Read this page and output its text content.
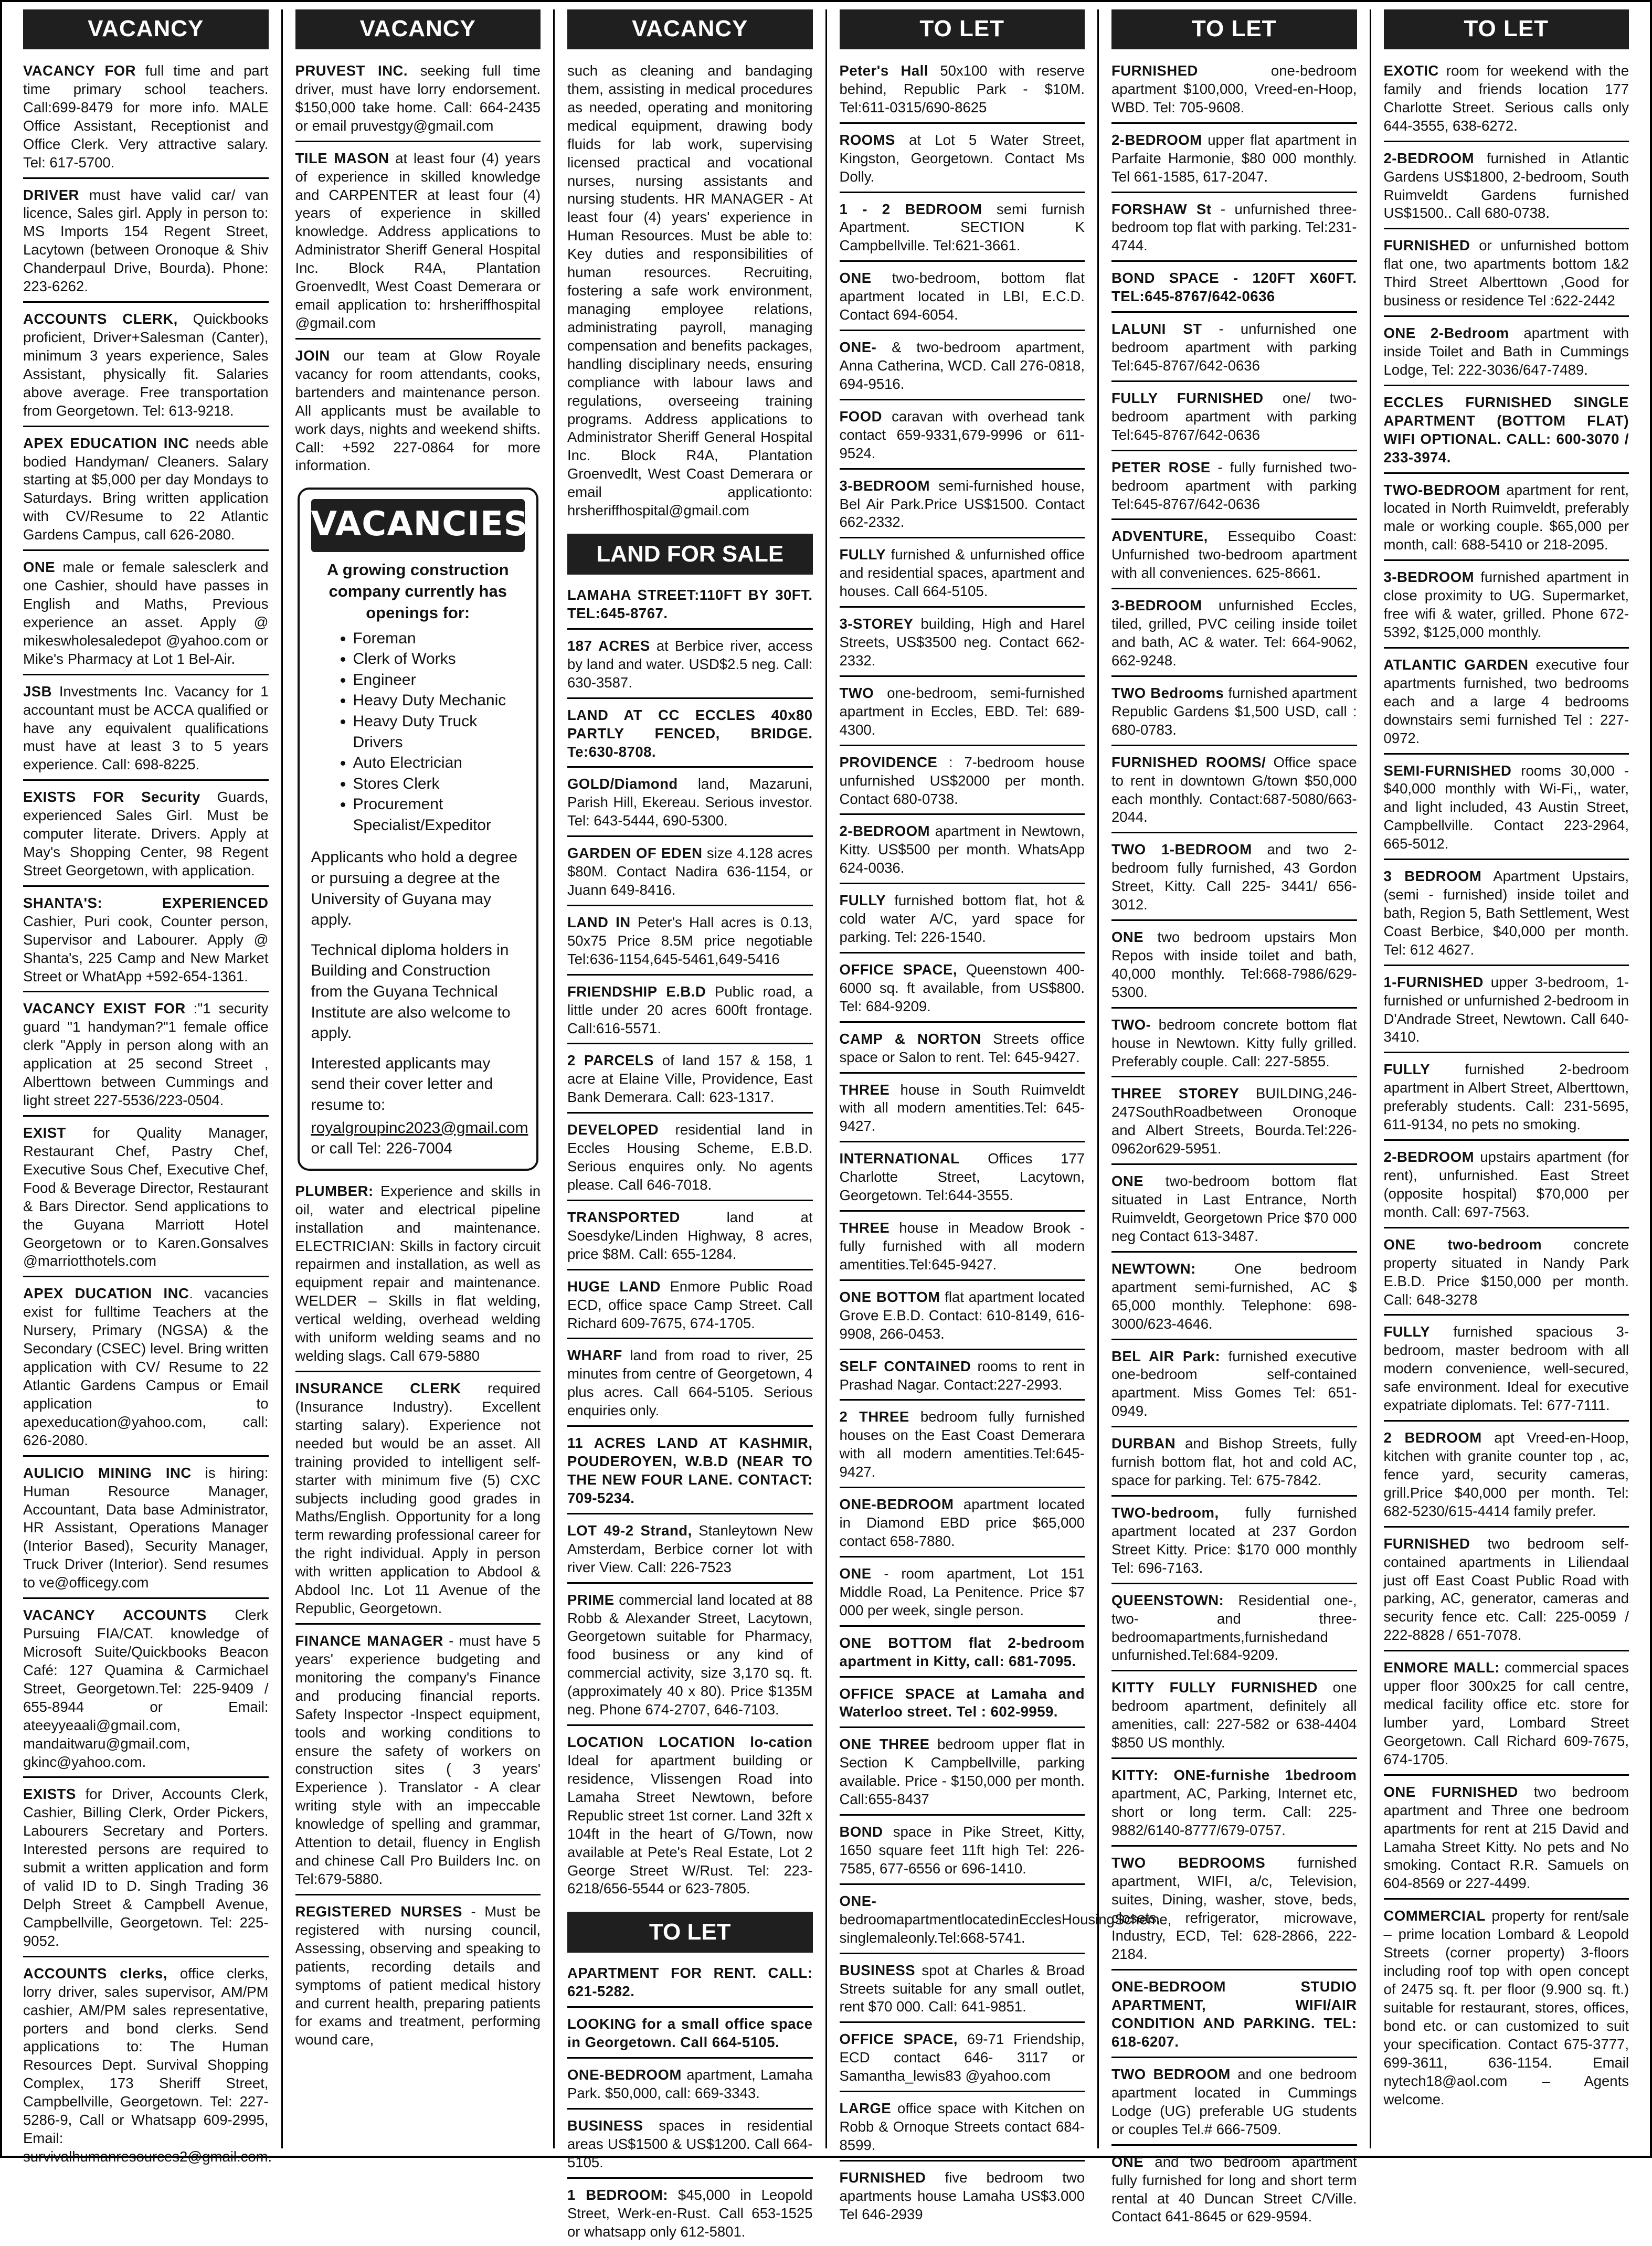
VACANCY
VACANCY FOR full time and part time primary school teachers. Call:699-8479 for more info. MALE Office Assistant, Receptionist and Office Clerk. Very attractive salary. Tel: 617-5700.
DRIVER must have valid car/ van licence, Sales girl. Apply in person to: MS Imports 154 Regent Street, Lacytown (between Oronoque & Shiv Chanderpaul Drive, Bourda). Phone: 223-6262.
ACCOUNTS CLERK, Quickbooks proficient, Driver+Salesman (Canter), minimum 3 years experience, Sales Assistant, physically fit. Salaries above average. Free transportation from Georgetown. Tel: 613-9218.
APEX EDUCATION INC needs able bodied Handyman/ Cleaners. Salary starting at $5,000 per day Mondays to Saturdays. Bring written application with CV/Resume to 22 Atlantic Gardens Campus, call 626-2080.
ONE male or female salesclerk and one Cashier, should have passes in English and Maths, Previous experience an asset. Apply @ mikeswholesaledepot @yahoo.com or Mike's Pharmacy at Lot 1 Bel-Air.
JSB Investments Inc. Vacancy for 1 accountant must be ACCA qualified or have any equivalent qualifications must have at least 3 to 5 years experience. Call: 698-8225.
EXISTS FOR Security Guards, experienced Sales Girl. Must be computer literate. Drivers. Apply at May's Shopping Center, 98 Regent Street Georgetown, with application.
SHANTA'S: EXPERIENCED Cashier, Puri cook, Counter person, Supervisor and Labourer. Apply @ Shanta's, 225 Camp and New Market Street or WhatApp +592-654-1361.
VACANCY EXIST FOR :"1 security guard "1 handyman?"1 female office clerk "Apply in person along with an application at 25 second Street , Alberttown between Cummings and light street 227-5536/223-0504.
EXIST for Quality Manager, Restaurant Chef, Pastry Chef, Executive Sous Chef, Executive Chef, Food & Beverage Director, Restaurant & Bars Director. Send applications to the Guyana Marriott Hotel Georgetown or to Karen.Gonsalves @marriotthotels.com
APEX DUCATION INC. vacancies exist for fulltime Teachers at the Nursery, Primary (NGSA) & the Secondary (CSEC) level. Bring written application with CV/ Resume to 22 Atlantic Gardens Campus or Email application to apexeducation@yahoo.com, call: 626-2080.
AULICIO MINING INC is hiring: Human Resource Manager, Accountant, Data base Administrator, HR Assistant, Operations Manager (Interior Based), Security Manager, Truck Driver (Interior). Send resumes to ve@officegy.com
VACANCY ACCOUNTS Clerk Pursuing FIA/CAT. knowledge of Microsoft Suite/Quickbooks Beacon Café: 127 Quamina & Carmichael Street, Georgetown.Tel: 225-9409 / 655-8944 or Email: ateeyyeaali@gmail.com, mandaitwaru@gmail.com, gkinc@yahoo.com.
EXISTS for Driver, Accounts Clerk, Cashier, Billing Clerk, Order Pickers, Labourers Secretary and Porters. Interested persons are required to submit a written application and form of valid ID to D. Singh Trading 36 Delph Street & Campbell Avenue, Campbellville, Georgetown. Tel: 225-9052.
ACCOUNTS clerks, office clerks, lorry driver, sales supervisor, AM/PM cashier, AM/PM sales representative, porters and bond clerks. Send applications to: The Human Resources Dept. Survival Shopping Complex, 173 Sheriff Street, Campbellville, Georgetown. Tel: 227-5286-9, Call or Whatsapp 609-2995, Email: survivalhumanresources2@gmail.com.
VACANCY
PRUVEST INC. seeking full time driver, must have lorry endorsement. $150,000 take home. Call: 664-2435 or email pruvestgy@gmail.com
TILE MASON at least four (4) years of experience in skilled knowledge and CARPENTER at least four (4) years of experience in skilled knowledge. Address applications to Administrator Sheriff General Hospital Inc. Block R4A, Plantation Groenvedlt, West Coast Demerara or email application to: hrsheriffhospital @gmail.com
JOIN our team at Glow Royale vacancy for room attendants, cooks, bartenders and maintenance person. All applicants must be available to work days, nights and weekend shifts. Call: +592 227-0864 for more information.
VACANCIES
A growing construction company currently has openings for:
• Foreman
• Clerk of Works
• Engineer
• Heavy Duty Mechanic
• Heavy Duty Truck Drivers
• Auto Electrician
• Stores Clerk
• Procurement Specialist/Expeditor

Applicants who hold a degree or pursuing a degree at the University of Guyana may apply.

Technical diploma holders in Building and Construction from the Guyana Technical Institute are also welcome to apply.

Interested applicants may send their cover letter and resume to:

royalgroupinc2023@gmail.com
or call Tel: 226-7004
PLUMBER: Experience and skills in oil, water and electrical pipeline installation and maintenance. ELECTRICIAN: Skills in factory circuit repairmen and installation, as well as equipment repair and maintenance. WELDER – Skills in flat welding, vertical welding, overhead welding with uniform welding seams and no welding slags. Call 679-5880
INSURANCE CLERK required (Insurance Industry). Excellent starting salary). Experience not needed but would be an asset. All training provided to intelligent self-starter with minimum five (5) CXC subjects including good grades in Maths/English. Opportunity for a long term rewarding professional career for the right individual. Apply in person with written application to Abdool & Abdool Inc. Lot 11 Avenue of the Republic, Georgetown.
FINANCE MANAGER - must have 5 years' experience budgeting and monitoring the company's Finance and producing financial reports. Safety Inspector -Inspect equipment, tools and working conditions to ensure the safety of workers on construction sites ( 3 years' Experience ). Translator - A clear writing style with an impeccable knowledge of spelling and grammar, Attention to detail, fluency in English and chinese Call Pro Builders Inc. on Tel:679-5880.
REGISTERED NURSES - Must be registered with nursing council, Assessing, observing and speaking to patients, recording details and symptoms of patient medical history and current health, preparing patients for exams and treatment, performing wound care,
VACANCY
such as cleaning and bandaging them, assisting in medical procedures as needed, operating and monitoring medical equipment, drawing body fluids for lab work, supervising licensed practical and vocational nurses, nursing assistants and nursing students. HR MANAGER - At least four (4) years' experience in Human Resources. Must be able to: Key duties and responsibilities of human resources. Recruiting, fostering a safe work environment, managing employee relations, administrating payroll, managing compensation and benefits packages, handling disciplinary needs, ensuring compliance with labour laws and regulations, overseeing training programs. Address applications to Administrator Sheriff General Hospital Inc. Block R4A, Plantation Groenvedlt, West Coast Demerara or email applicationto: hrsheriffhospital@gmail.com
LAND FOR SALE
LAMAHA STREET:110FT BY 30FT. TEL:645-8767.
187 ACRES at Berbice river, access by land and water. USD$2.5 neg. Call: 630-3587.
LAND AT CC ECCLES 40x80 PARTLY FENCED, BRIDGE. Te:630-8708.
GOLD/Diamond land, Mazaruni, Parish Hill, Ekereau. Serious investor. Tel: 643-5444, 690-5300.
GARDEN OF EDEN size 4.128 acres $80M. Contact Nadira 636-1154, or Juann 649-8416.
LAND IN Peter's Hall acres is 0.13, 50x75 Price 8.5M price negotiable Tel:636-1154,645-5461,649-5416
FRIENDSHIP E.B.D Public road, a little under 20 acres 600ft frontage. Call:616-5571.
2 PARCELS of land 157 & 158, 1 acre at Elaine Ville, Providence, East Bank Demerara. Call: 623-1317.
DEVELOPED residential land in Eccles Housing Scheme, E.B.D. Serious enquires only. No agents please. Call 646-7018.
TRANSPORTED land at Soesdyke/Linden Highway, 8 acres, price $8M. Call: 655-1284.
HUGE LAND Enmore Public Road ECD, office space Camp Street. Call Richard 609-7675, 674-1705.
WHARF land from road to river, 25 minutes from centre of Georgetown, 4 plus acres. Call 664-5105. Serious enquiries only.
11 ACRES LAND AT KASHMIR, POUDEROYEN, W.B.D (NEAR TO THE NEW FOUR LANE. CONTACT: 709-5234.
LOT 49-2 Strand, Stanleytown New Amsterdam, Berbice corner lot with river View. Call: 226-7523
PRIME commercial land located at 88 Robb & Alexander Street, Lacytown, Georgetown suitable for Pharmacy, food business or any kind of commercial activity, size 3,170 sq. ft. (approximately 40 x 80). Price $135M neg. Phone 674-2707, 646-7103.
LOCATION LOCATION lo-cation Ideal for apartment building or residence, Vlissengen Road into Lamaha Street Newtown, before Republic street 1st corner. Land 32ft x 104ft in the heart of G/Town, now available at Pete's Real Estate, Lot 2 George Street W/Rust. Tel: 223-6218/656-5544 or 623-7805.
TO LET
APARTMENT FOR RENT. CALL: 621-5282.
LOOKING for a small office space in Georgetown. Call 664-5105.
ONE-BEDROOM apartment, Lamaha Park. $50,000, call: 669-3343.
BUSINESS spaces in residential areas US$1500 & US$1200. Call 664-5105.
1 BEDROOM: $45,000 in Leopold Street, Werk-en-Rust. Call 653-1525 or whatsapp only 612-5801.
TO LET
Peter's Hall 50x100 with reserve behind, Republic Park - $10M. Tel:611-0315/690-8625
ROOMS at Lot 5 Water Street, Kingston, Georgetown. Contact Ms Dolly.
1 - 2 BEDROOM semi furnish Apartment. SECTION K Campbellville. Tel:621-3661.
ONE two-bedroom, bottom flat apartment located in LBI, E.C.D. Contact 694-6054.
ONE- & two-bedroom apartment, Anna Catherina, WCD. Call 276-0818, 694-9516.
FOOD caravan with overhead tank contact 659-9331,679-9996 or 611-9524.
3-BEDROOM semi-furnished house, Bel Air Park.Price US$1500. Contact 662-2332.
FULLY furnished & unfurnished office and residential spaces, apartment and houses. Call 664-5105.
3-STOREY building, High and Harel Streets, US$3500 neg. Contact 662-2332.
TWO one-bedroom, semi-furnished apartment in Eccles, EBD. Tel: 689-4300.
PROVIDENCE : 7-bedroom house unfurnished US$2000 per month. Contact 680-0738.
2-BEDROOM apartment in Newtown, Kitty. US$500 per month. WhatsApp 624-0036.
FULLY furnished bottom flat, hot & cold water A/C, yard space for parking. Tel: 226-1540.
OFFICE SPACE, Queenstown 400-6000 sq. ft available, from US$800. Tel: 684-9209.
CAMP & NORTON Streets office space or Salon to rent. Tel: 645-9427.
THREE house in South Ruimveldt with all modern amentities.Tel: 645-9427.
INTERNATIONAL Offices 177 Charlotte Street, Lacytown, Georgetown. Tel:644-3555.
THREE house in Meadow Brook - fully furnished with all modern amentities.Tel:645-9427.
ONE BOTTOM flat apartment located Grove E.B.D. Contact: 610-8149, 616-9908, 266-0453.
SELF CONTAINED rooms to rent in Prashad Nagar. Contact:227-2993.
2 THREE bedroom fully furnished houses on the East Coast Demerara with all modern amentities.Tel:645-9427.
ONE-BEDROOM apartment located in Diamond EBD price $65,000 contact 658-7880.
ONE - room apartment, Lot 151 Middle Road, La Penitence. Price $7 000 per week, single person.
ONE BOTTOM flat 2-bedroom apartment in Kitty, call: 681-7095.
OFFICE SPACE at Lamaha and Waterloo street. Tel : 602-9959.
ONE THREE bedroom upper flat in Section K Campbellville, parking available. Price - $150,000 per month. Call:655-8437
BOND space in Pike Street, Kitty, 1650 square feet 11ft high Tel: 226-7585, 677-6556 or 696-1410.
ONE- bedroomapartmentlocatedinEcclesHousingScheme, singlemaleonly.Tel:668-5741.
BUSINESS spot at Charles & Broad Streets suitable for any small outlet, rent $70 000. Call: 641-9851.
OFFICE SPACE, 69-71 Friendship, ECD contact 646- 3117 or Samantha_lewis83 @yahoo.com
LARGE office space with Kitchen on Robb & Ornoque Streets contact 684-8599.
FURNISHED five bedroom two apartments house Lamaha US$3.000 Tel 646-2939
TO LET
FURNISHED one-bedroom apartment $100,000, Vreed-en-Hoop, WBD. Tel: 705-9608.
2-BEDROOM upper flat apartment in Parfaite Harmonie, $80 000 monthly. Tel 661-1585, 617-2047.
FORSHAW St - unfurnished three-bedroom top flat with parking. Tel:231-4744.
BOND SPACE - 120FT X60FT. TEL:645-8767/642-0636
LALUNI ST - unfurnished one bedroom apartment with parking Tel:645-8767/642-0636
FULLY FURNISHED one/ two-bedroom apartment with parking Tel:645-8767/642-0636
PETER ROSE - fully furnished two-bedroom apartment with parking Tel:645-8767/642-0636
ADVENTURE, Essequibo Coast: Unfurnished two-bedroom apartment with all conveniences. 625-8661.
3-BEDROOM unfurnished Eccles, tiled, grilled, PVC ceiling inside toilet and bath, AC & water. Tel: 664-9062, 662-9248.
TWO Bedrooms furnished apartment Republic Gardens $1,500 USD, call : 680-0783.
FURNISHED ROOMS/ Office space to rent in downtown G/town $50,000 each monthly. Contact:687-5080/663-2044.
TWO 1-BEDROOM and two 2-bedroom fully furnished, 43 Gordon Street, Kitty. Call 225- 3441/ 656-3012.
ONE two bedroom upstairs Mon Repos with inside toilet and bath, 40,000 monthly. Tel:668-7986/629-5300.
TWO- bedroom concrete bottom flat house in Newtown. Kitty fully grilled. Preferably couple. Call: 227-5855.
THREE STOREY BUILDING,246-247SouthRoadbetween Oronoque and Albert Streets, Bourda.Tel:226-0962or629-5951.
ONE two-bedroom bottom flat situated in Last Entrance, North Ruimveldt, Georgetown Price $70 000 neg Contact 613-3487.
NEWTOWN: One bedroom apartment semi-furnished, AC $ 65,000 monthly. Telephone: 698-3000/623-4646.
BEL AIR Park: furnished executive one-bedroom self-contained apartment. Miss Gomes Tel: 651-0949.
DURBAN and Bishop Streets, fully furnish bottom flat, hot and cold AC, space for parking. Tel: 675-7842.
TWO-bedroom, fully furnished apartment located at 237 Gordon Street Kitty. Price: $170 000 monthly Tel: 696-7163.
QUEENSTOWN: Residential one-, two- and three-bedroomapartments,furnishedand unfurnished.Tel:684-9209.
KITTY FULLY FURNISHED one bedroom apartment, definitely all amenities, call: 227-582 or 638-4404 $850 US monthly.
KITTY: ONE-furnishe 1bedroom apartment, AC, Parking, Internet etc, short or long term. Call: 225-9882/6140-8777/679-0757.
TWO BEDROOMS furnished apartment, WIFI, a/c, Television, suites, Dining, washer, stove, beds, closets, refrigerator, microwave, Industry, ECD, Tel: 628-2866, 222-2184.
ONE-BEDROOM STUDIO APARTMENT, WIFI/AIR CONDITION AND PARKING. TEL: 618-6207.
TWO BEDROOM and one bedroom apartment located in Cummings Lodge (UG) preferable UG students or couples Tel.# 666-7509.
ONE and two bedroom apartment fully furnished for long and short term rental at 40 Duncan Street C/Ville. Contact 641-8645 or 629-9594.
TO LET
EXOTIC room for weekend with the family and friends location 177 Charlotte Street. Serious calls only 644-3555, 638-6272.
2-BEDROOM furnished in Atlantic Gardens US$1800, 2-bedroom, South Ruimveldt Gardens furnished US$1500.. Call 680-0738.
FURNISHED or unfurnished bottom flat one, two apartments bottom 1&2 Third Street Alberttown ,Good for business or residence Tel :622-2442
ONE 2-Bedroom apartment with inside Toilet and Bath in Cummings Lodge, Tel: 222-3036/647-7489.
ECCLES FURNISHED SINGLE APARTMENT (BOTTOM FLAT) WIFI OPTIONAL. CALL: 600-3070 / 233-3974.
TWO-BEDROOM apartment for rent, located in North Ruimveldt, preferably male or working couple. $65,000 per month, call: 688-5410 or 218-2095.
3-BEDROOM furnished apartment in close proximity to UG. Supermarket, free wifi & water, grilled. Phone 672-5392, $125,000 monthly.
ATLANTIC GARDEN executive four apartments furnished, two bedrooms each and a large 4 bedrooms downstairs semi furnished Tel : 227-0972.
SEMI-FURNISHED rooms 30,000 - $40,000 monthly with Wi-Fi,, water, and light included, 43 Austin Street, Campbellville. Contact 223-2964, 665-5012.
3 BEDROOM Apartment Upstairs, (semi - furnished) inside toilet and bath, Region 5, Bath Settlement, West Coast Berbice, $40,000 per month. Tel: 612 4627.
1-FURNISHED upper 3-bedroom, 1-furnished or unfurnished 2-bedroom in D'Andrade Street, Newtown. Call 640-3410.
FULLY furnished 2-bedroom apartment in Albert Street, Alberttown, preferably students. Call: 231-5695, 611-9134, no pets no smoking.
2-BEDROOM upstairs apartment (for rent), unfurnished. East Street (opposite hospital) $70,000 per month. Call: 697-7563.
ONE two-bedroom concrete property situated in Nandy Park E.B.D. Price $150,000 per month. Call: 648-3278
FULLY furnished spacious 3-bedroom, master bedroom with all modern convenience, well-secured, safe environment. Ideal for executive expatriate diplomats. Tel: 677-7111.
2 BEDROOM apt Vreed-en-Hoop, kitchen with granite counter top , ac, fence yard, security cameras, grill.Price $40,000 per month. Tel: 682-5230/615-4414 family prefer.
FURNISHED two bedroom self-contained apartments in Liliendaal just off East Coast Public Road with parking, AC, generator, cameras and security fence etc. Call: 225-0059 / 222-8828 / 651-7078.
ENMORE MALL: commercial spaces upper floor 300x25 for call centre, medical facility office etc. store for lumber yard, Lombard Street Georgetown. Call Richard 609-7675, 674-1705.
ONE FURNISHED two bedroom apartment and Three one bedroom apartments for rent at 215 David and Lamaha Street Kitty. No pets and No smoking. Contact R.R. Samuels on 604-8569 or 227-4499.
COMMERCIAL property for rent/sale – prime location Lombard & Leopold Streets (corner property) 3-floors including roof top with open concept of 2475 sq. ft. per floor (9.900 sq. ft.) suitable for restaurant, stores, offices, bond etc. or can customized to suit your specification. Contact 675-3777, 699-3611, 636-1154. Email nytech18@aol.com – Agents welcome.
